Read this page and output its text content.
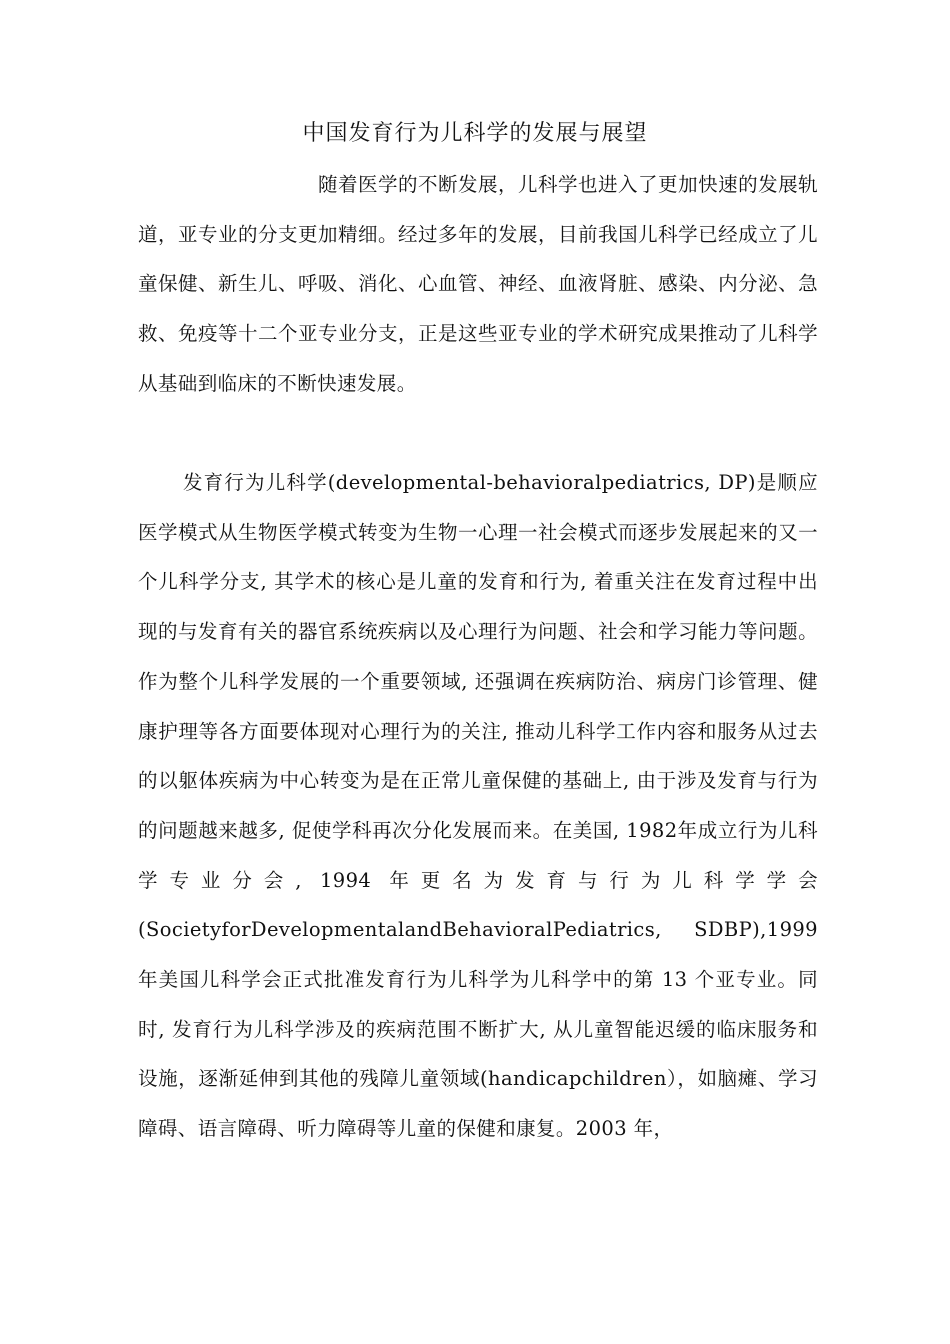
中国发育行为儿科学的发展与展望

随着医学的不断发展，儿科学也进入了更加快速的发展轨道，亚专业的分支更加精细。经过多年的发展，目前我国儿科学已经成立了儿童保健、新生儿、呼吸、消化、心血管、神经、血液肾脏、感染、内分泌、急救、免疫等十二个亚专业分支，正是这些亚专业的学术研究成果推动了儿科学从基础到临床的不断快速发展。

发育行为儿科学(developmental-behavioralpediatrics, DP)是顺应医学模式从生物医学模式转变为生物一心理一社会模式而逐步发展起来的又一个儿科学分支, 其学术的核心是儿童的发育和行为, 着重关注在发育过程中出现的与发育有关的器官系统疾病以及心理行为问题、社会和学习能力等问题。作为整个儿科学发展的一个重要领域, 还强调在疾病防治、病房门诊管理、健康护理等各方面要体现对心理行为的关注, 推动儿科学工作内容和服务从过去的以躯体疾病为中心转变为是在正常儿童保健的基础上, 由于涉及发育与行为的问题越来越多, 促使学科再次分化发展而来。在美国, 1982年成立行为儿科学专业分会, 1994 年更名为发育与行为儿科学学会(SocietyforDevelopmentalandBehavioralPediatrics, SDBP),1999 年美国儿科学会正式批准发育行为儿科学为儿科学中的第 13 个亚专业。同时, 发育行为儿科学涉及的疾病范围不断扩大, 从儿童智能迟缓的临床服务和设施，逐渐延伸到其他的残障儿童领域(handicapchildren），如脑瘫、学习障碍、语言障碍、听力障碍等儿童的保健和康复。2003 年，
